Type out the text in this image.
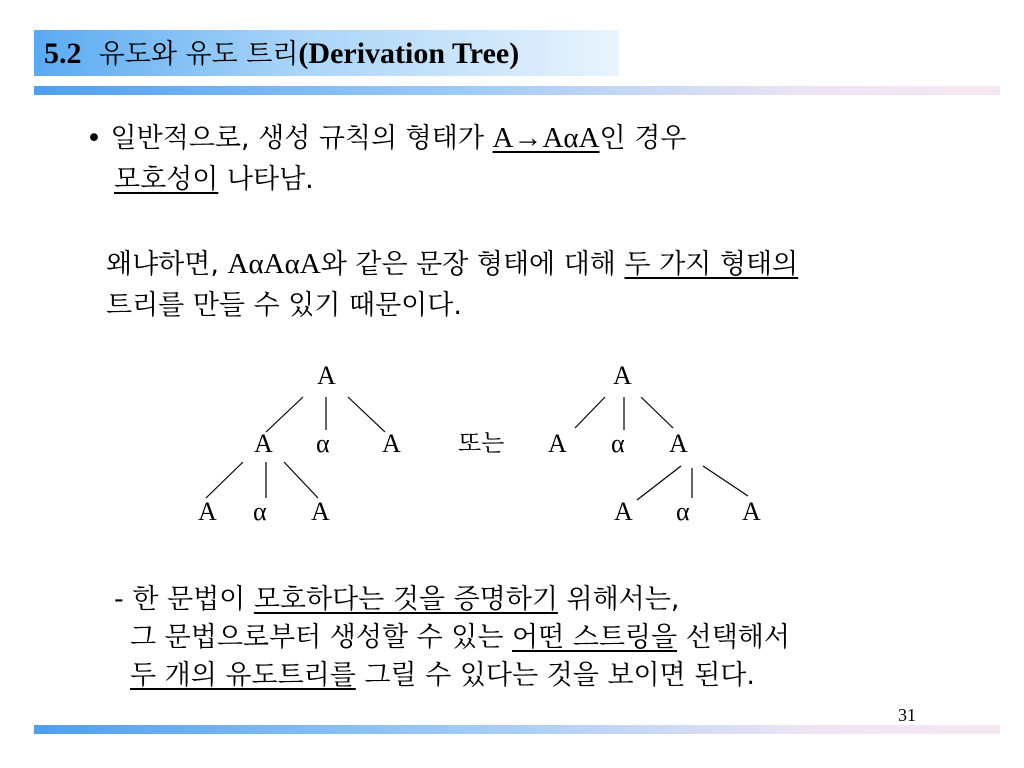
5.2 유도와 유도 트리(Derivation Tree)
• 일반적으로, 생성 규칙의 형태가 A→AαA인 경우
모호성이 나타남.
왜냐하면, AαAαA와 같은 문장 형태에 대해 두 가지 형태의
트리를 만들 수 있기 때문이다.
A
A α A
A α A
또는
A
A α A
A α A
- 한 문법이 모호하다는 것을 증명하기 위해서는,
그 문법으로부터 생성할 수 있는 어떤 스트링을 선택해서
두 개의 유도트리를 그릴 수 있다는 것을 보이면 된다.
31
